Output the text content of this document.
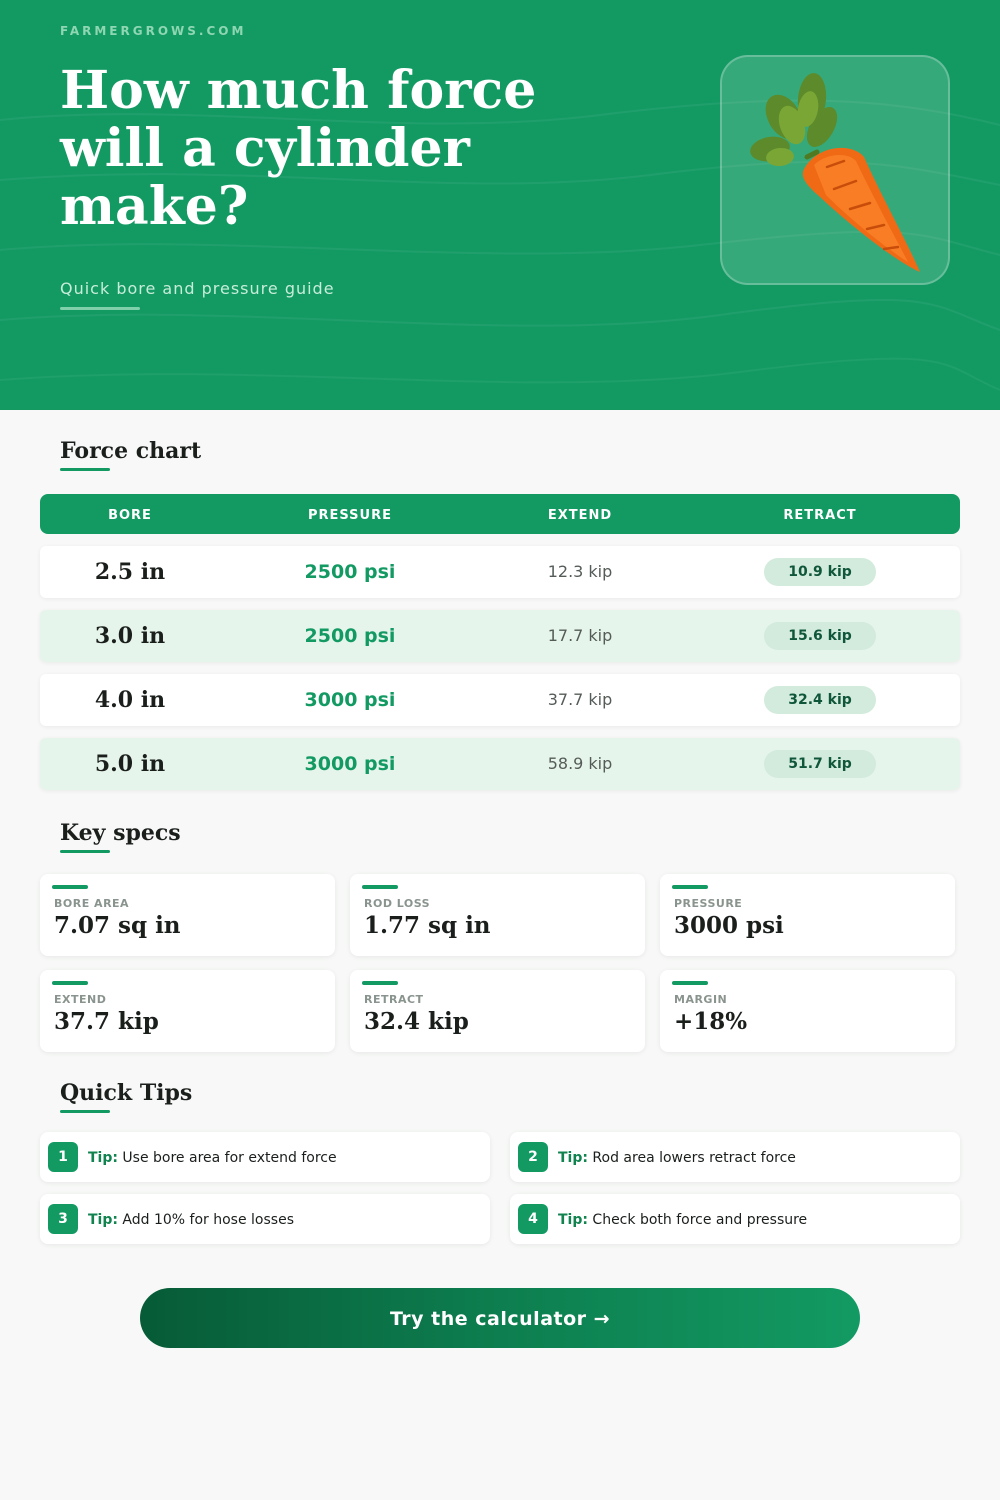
FARMERGROWS.COM
How much force will a cylinder make?
Quick bore and pressure guide
Force chart
BORE	PRESSURE	EXTEND	RETRACT
2.5 in	2500 psi	12.3 kip	10.9 kip
3.0 in	2500 psi	17.7 kip	15.6 kip
4.0 in	3000 psi	37.7 kip	32.4 kip
5.0 in	3000 psi	58.9 kip	51.7 kip
Key specs
BORE AREA
7.07 sq in
ROD LOSS
1.77 sq in
PRESSURE
3000 psi
EXTEND
37.7 kip
RETRACT
32.4 kip
MARGIN
+18%
Quick Tips
1	Tip: Use bore area for extend force	2	Tip: Rod area lowers retract force
3	Tip: Add 10% for hose losses	4	Tip: Check both force and pressure
Try the calculator →
